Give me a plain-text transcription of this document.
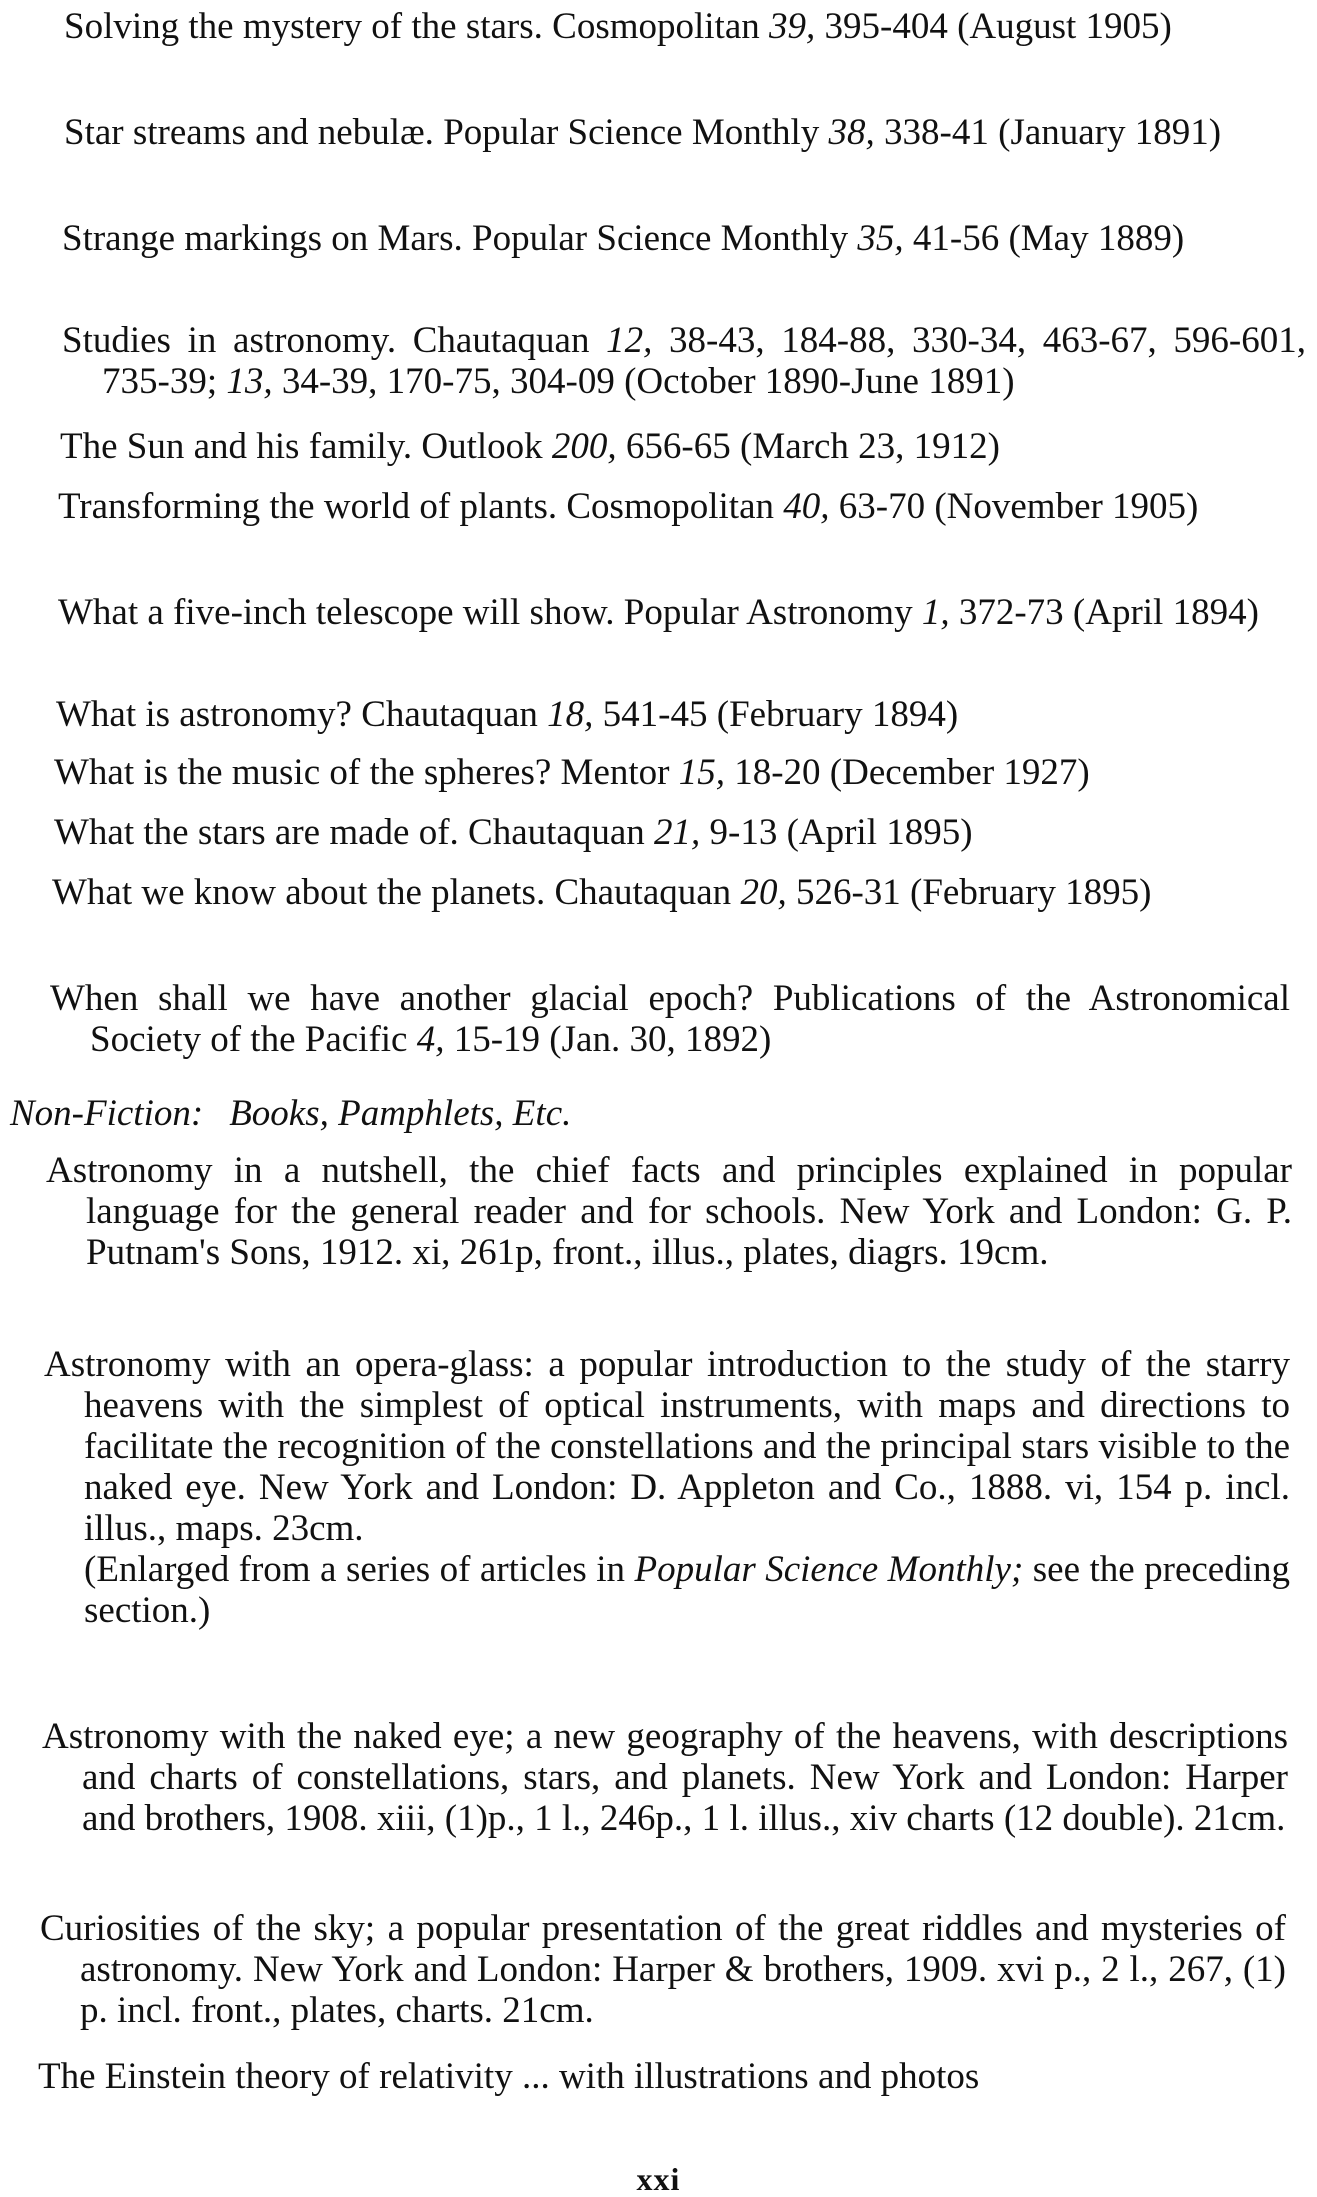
Solving the mystery of the stars. Cosmopolitan 39, 395-404 (August 1905)
Star streams and nebulæ. Popular Science Monthly 38, 338-41 (January 1891)
Strange markings on Mars. Popular Science Monthly 35, 41-56 (May 1889)
Studies in astronomy. Chautaquan 12, 38-43, 184-88, 330-34, 463-67, 596-601, 735-39; 13, 34-39, 170-75, 304-09 (October 1890-June 1891)
The Sun and his family. Outlook 200, 656-65 (March 23, 1912)
Transforming the world of plants. Cosmopolitan 40, 63-70 (November 1905)
What a five-inch telescope will show. Popular Astronomy 1, 372-73 (April 1894)
What is astronomy? Chautaquan 18, 541-45 (February 1894)
What is the music of the spheres? Mentor 15, 18-20 (December 1927)
What the stars are made of. Chautaquan 21, 9-13 (April 1895)
What we know about the planets. Chautaquan 20, 526-31 (February 1895)
When shall we have another glacial epoch? Publications of the Astronomical Society of the Pacific 4, 15-19 (Jan. 30, 1892)
Non-Fiction: Books, Pamphlets, Etc.
Astronomy in a nutshell, the chief facts and principles explained in popular language for the general reader and for schools. New York and London: G. P. Putnam's Sons, 1912. xi, 261p, front., illus., plates, diagrs. 19cm.
Astronomy with an opera-glass: a popular introduction to the study of the starry heavens with the simplest of optical instruments, with maps and directions to facilitate the recognition of the constellations and the principal stars visible to the naked eye. New York and London: D. Appleton and Co., 1888. vi, 154 p. incl. illus., maps. 23cm.
(Enlarged from a series of articles in Popular Science Monthly; see the preceding section.)
Astronomy with the naked eye; a new geography of the heavens, with descriptions and charts of constellations, stars, and planets. New York and London: Harper and brothers, 1908. xiii, (1)p., 1 l., 246p., 1 l. illus., xiv charts (12 double). 21cm.
Curiosities of the sky; a popular presentation of the great riddles and mysteries of astronomy. New York and London: Harper & brothers, 1909. xvi p., 2 l., 267, (1) p. incl. front., plates, charts. 21cm.
The Einstein theory of relativity ... with illustrations and photos
xxi
